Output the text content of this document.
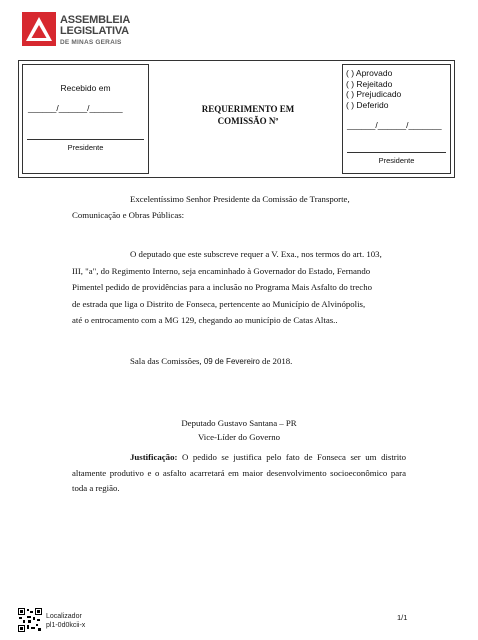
ASSEMBLEIA
LEGISLATIVA
DE MINAS GERAIS
Recebido em
______/______/_______
Presidente
REQUERIMENTO EM
COMISSÃO Nº
( ) Aprovado
( ) Rejeitado
( ) Prejudicado
( ) Deferido
______/______/_______
Presidente
Excelentíssimo Senhor Presidente da Comissão de Transporte,
Comunicação e Obras Públicas:
O deputado que este subscreve requer a V. Exa., nos termos do art. 103,
III, "a", do Regimento Interno, seja encaminhado à Governador do Estado, Fernando
Pimentel pedido de providências para a inclusão no Programa Mais Asfalto do trecho
de estrada que liga o Distrito de Fonseca, pertencente ao Município de Alvinópolis,
até o entrocamento com a MG 129, chegando ao município de Catas Altas..
Sala das Comissões, 09 de Fevereiro de 2018.
Deputado Gustavo Santana – PR
Vice-Líder do Governo
Justificação: O pedido se justifica pelo fato de Fonseca ser um distrito altamente produtivo e o asfalto acarretará em maior desenvolvimento socioeconômico para toda a região.
Localizador
pl1-0d0kcii-x
1/1
